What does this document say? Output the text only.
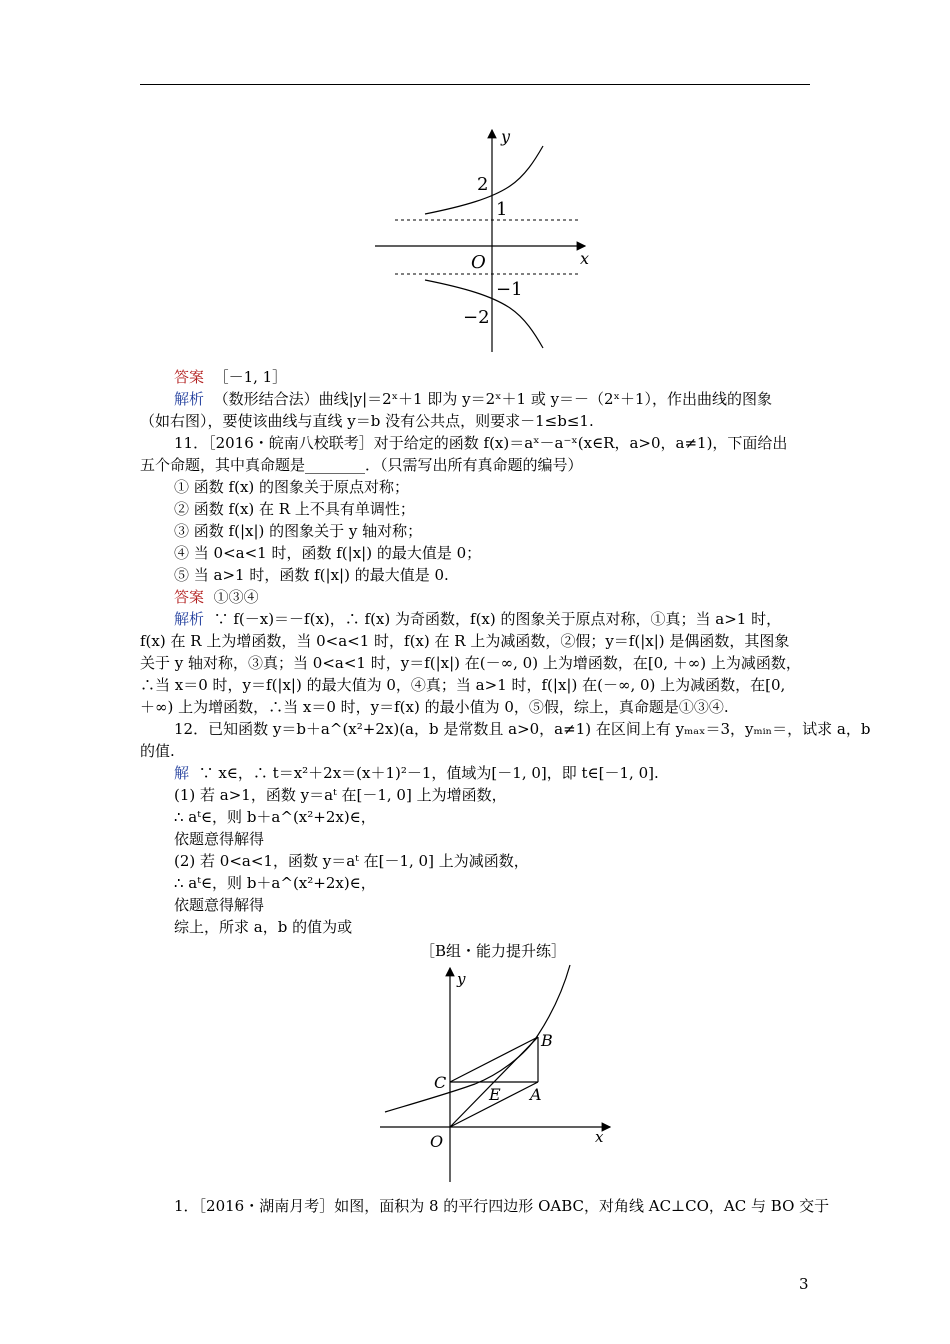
y
x
O
2
1
−1
−2
答案 ［－1, 1］
解析 （数形结合法）曲线|y|＝2ˣ＋1 即为 y＝2ˣ＋1 或 y＝－（2ˣ＋1），作出曲线的图象
（如右图），要使该曲线与直线 y＝b 没有公共点，则要求－1≤b≤1.
11．［2016・皖南八校联考］对于给定的函数 f(x)＝aˣ－a⁻ˣ(x∈R，a>0，a≠1)，下面给出
五个命题，其中真命题是________．（只需写出所有真命题的编号）
① 函数 f(x) 的图象关于原点对称；
② 函数 f(x) 在 R 上不具有单调性；
③ 函数 f(|x|) 的图象关于 y 轴对称；
④ 当 0<a<1 时，函数 f(|x|) 的最大值是 0；
⑤ 当 a>1 时，函数 f(|x|) 的最大值是 0.
答案 ①③④
解析 ∵ f(－x)＝－f(x)，∴ f(x) 为奇函数，f(x) 的图象关于原点对称，①真；当 a>1 时，
f(x) 在 R 上为增函数，当 0<a<1 时，f(x) 在 R 上为减函数，②假；y＝f(|x|) 是偶函数，其图象
关于 y 轴对称，③真；当 0<a<1 时，y＝f(|x|) 在(－∞, 0) 上为增函数，在[0, ＋∞) 上为减函数，
∴当 x＝0 时，y＝f(|x|) 的最大值为 0，④真；当 a>1 时，f(|x|) 在(－∞, 0) 上为减函数，在[0,
＋∞) 上为增函数，∴当 x＝0 时，y＝f(x) 的最小值为 0，⑤假，综上，真命题是①③④.
12．已知函数 y＝b＋a^(x²+2x)(a，b 是常数且 a>0，a≠1) 在区间上有 yₘₐₓ＝3，yₘᵢₙ＝，试求 a，b
的值.
解 ∵ x∈，∴ t＝x²＋2x＝(x＋1)²－1，值域为[－1, 0]，即 t∈[－1, 0].
(1) 若 a>1，函数 y＝aᵗ 在[－1, 0] 上为增函数，
∴ aᵗ∈，则 b＋a^(x²+2x)∈，
依题意得解得
(2) 若 0<a<1，函数 y＝aᵗ 在[－1, 0] 上为减函数，
∴ aᵗ∈，则 b＋a^(x²+2x)∈，
依题意得解得
综上，所求 a，b 的值为或
［B组・能力提升练］
y
x
O
A
B
C
E
1．［2016・湖南月考］如图，面积为 8 的平行四边形 OABC，对角线 AC⊥CO，AC 与 BO 交于
3
